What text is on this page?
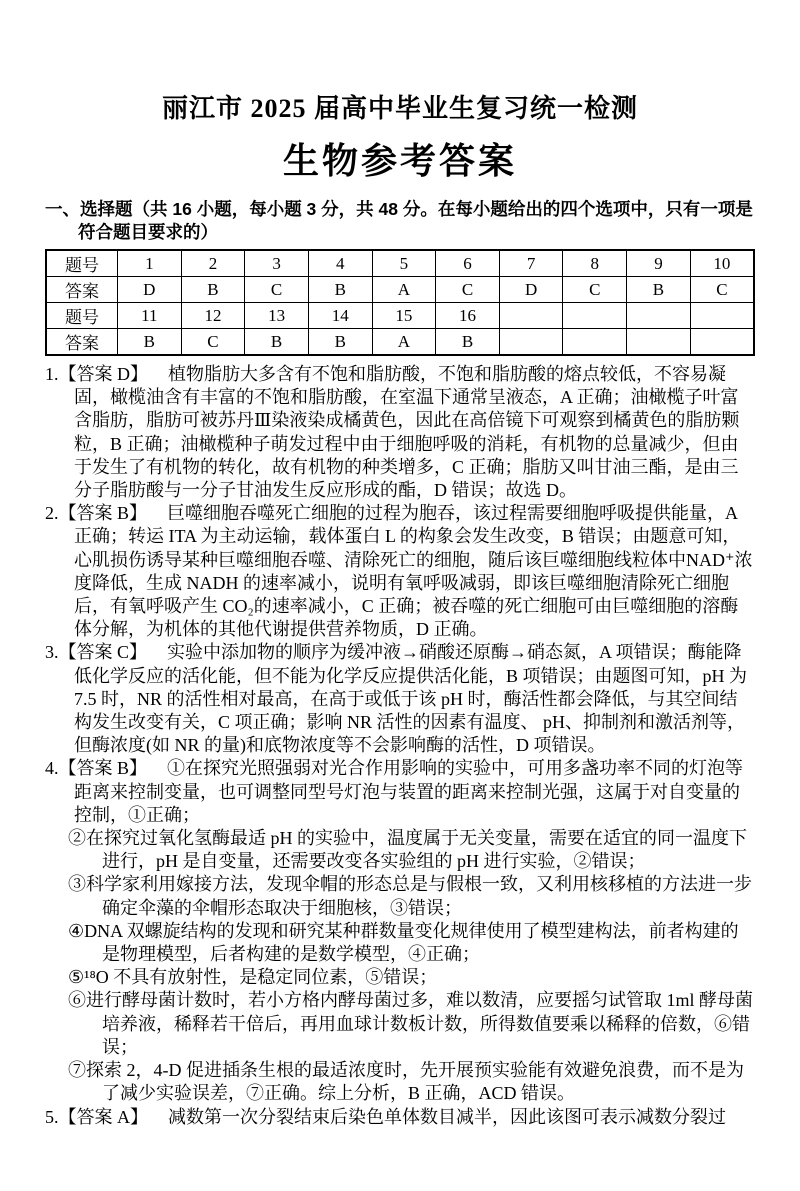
丽江市 2025 届高中毕业生复习统一检测
生物参考答案
一、选择题（共 16 小题，每小题 3 分，共 48 分。在每小题给出的四个选项中，只有一项是符合题目要求的）
题号	1	2	3	4	5	6	7	8	9	10
答案	D	B	C	B	A	C	D	C	B	C
题号	11	12	13	14	15	16				
答案	B	C	B	B	A	B				
1.【答案 D】 植物脂肪大多含有不饱和脂肪酸，不饱和脂肪酸的熔点较低，不容易凝固，橄榄油含有丰富的不饱和脂肪酸，在室温下通常呈液态，A 正确；油橄榄子叶富含脂肪，脂肪可被苏丹Ⅲ染液染成橘黄色，因此在高倍镜下可观察到橘黄色的脂肪颗粒，B 正确；油橄榄种子萌发过程中由于细胞呼吸的消耗，有机物的总量减少，但由于发生了有机物的转化，故有机物的种类增多，C 正确；脂肪又叫甘油三酯，是由三分子脂肪酸与一分子甘油发生反应形成的酯，D 错误；故选 D。
2.【答案 B】 巨噬细胞吞噬死亡细胞的过程为胞吞，该过程需要细胞呼吸提供能量，A 正确；转运 ITA 为主动运输，载体蛋白 L 的构象会发生改变，B 错误；由题意可知，心肌损伤诱导某种巨噬细胞吞噬、清除死亡的细胞，随后该巨噬细胞线粒体中NAD⁺浓度降低，生成 NADH 的速率减小，说明有氧呼吸减弱，即该巨噬细胞清除死亡细胞后，有氧呼吸产生 CO₂的速率减小，C 正确；被吞噬的死亡细胞可由巨噬细胞的溶酶体分解，为机体的其他代谢提供营养物质，D 正确。
3.【答案 C】 实验中添加物的顺序为缓冲液→硝酸还原酶→硝态氮，A 项错误；酶能降低化学反应的活化能，但不能为化学反应提供活化能，B 项错误；由题图可知，pH 为 7.5 时，NR 的活性相对最高，在高于或低于该 pH 时，酶活性都会降低，与其空间结构发生改变有关，C 项正确；影响 NR 活性的因素有温度、 pH、抑制剂和激活剂等，但酶浓度(如 NR 的量)和底物浓度等不会影响酶的活性，D 项错误。
4.【答案 B】 ①在探究光照强弱对光合作用影响的实验中，可用多盏功率不同的灯泡等距离来控制变量，也可调整同型号灯泡与装置的距离来控制光强，这属于对自变量的控制，①正确；
②在探究过氧化氢酶最适 pH 的实验中，温度属于无关变量，需要在适宜的同一温度下进行，pH 是自变量，还需要改变各实验组的 pH 进行实验，②错误；
③科学家利用嫁接方法，发现伞帽的形态总是与假根一致，又利用核移植的方法进一步确定伞藻的伞帽形态取决于细胞核，③错误；
④DNA 双螺旋结构的发现和研究某种群数量变化规律使用了模型建构法，前者构建的是物理模型，后者构建的是数学模型，④正确；
⑤¹⁸O 不具有放射性，是稳定同位素，⑤错误；
⑥进行酵母菌计数时，若小方格内酵母菌过多，难以数清，应要摇匀试管取 1ml 酵母菌培养液，稀释若干倍后，再用血球计数板计数，所得数值要乘以稀释的倍数，⑥错误；
⑦探索 2，4-D 促进插条生根的最适浓度时，先开展预实验能有效避免浪费，而不是为了减少实验误差，⑦正确。综上分析，B 正确，ACD 错误。
5.【答案 A】 减数第一次分裂结束后染色单体数目减半，因此该图可表示减数分裂过
